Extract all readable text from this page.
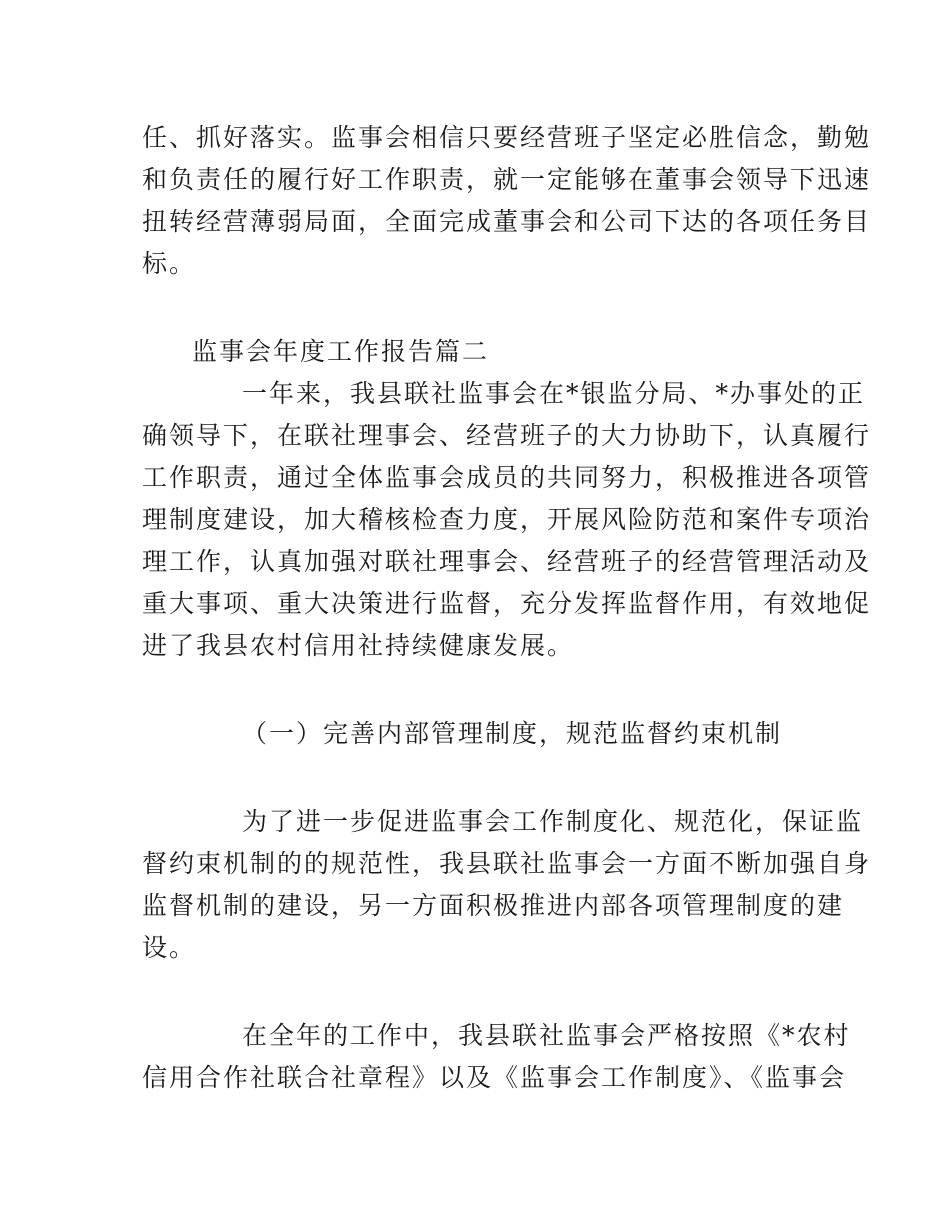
任、抓好落实。监事会相信只要经营班子坚定必胜信念，勤勉
和负责任的履行好工作职责，就一定能够在董事会领导下迅速
扭转经营薄弱局面，全面完成董事会和公司下达的各项任务目
标。
监事会年度工作报告篇二
一年来，我县联社监事会在*银监分局、*办事处的正
确领导下，在联社理事会、经营班子的大力协助下，认真履行
工作职责，通过全体监事会成员的共同努力，积极推进各项管
理制度建设，加大稽核检查力度，开展风险防范和案件专项治
理工作，认真加强对联社理事会、经营班子的经营管理活动及
重大事项、重大决策进行监督，充分发挥监督作用，有效地促
进了我县农村信用社持续健康发展。
（一）完善内部管理制度，规范监督约束机制
为了进一步促进监事会工作制度化、规范化，保证监
督约束机制的的规范性，我县联社监事会一方面不断加强自身
监督机制的建设，另一方面积极推进内部各项管理制度的建
设。
在全年的工作中，我县联社监事会严格按照《*农村
信用合作社联合社章程》以及《监事会工作制度》、《监事会
